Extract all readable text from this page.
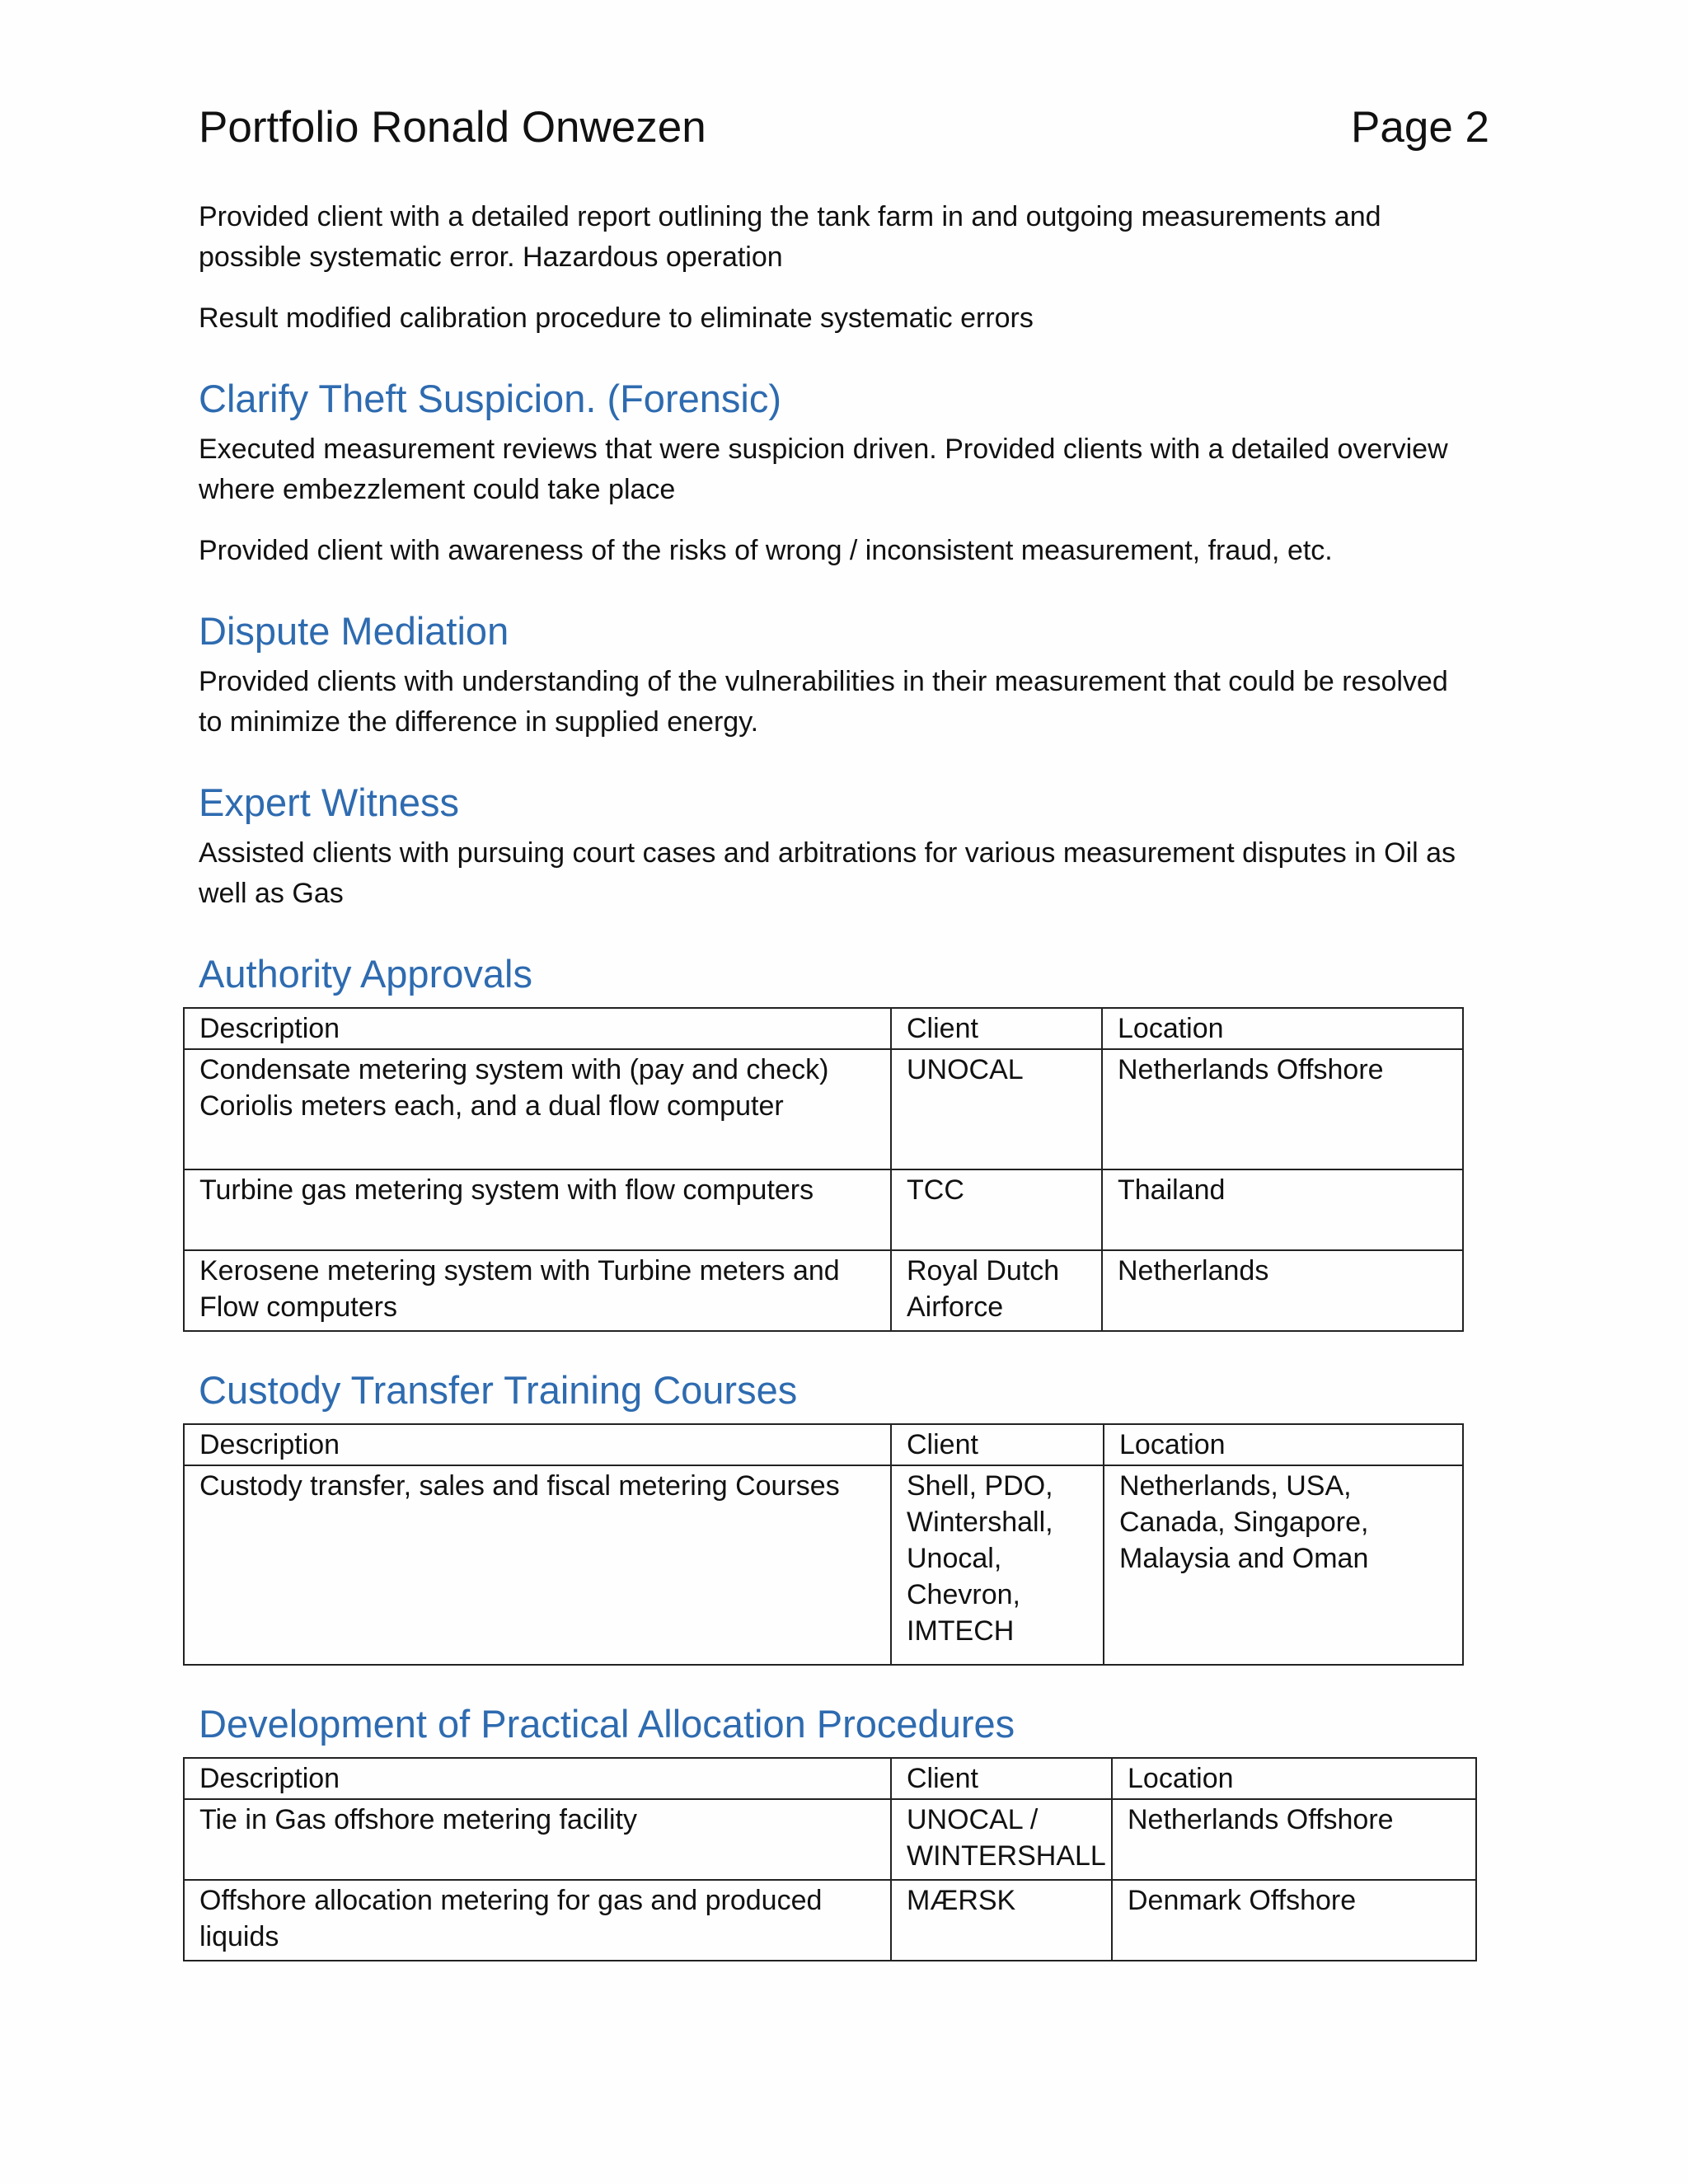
Portfolio Ronald Onwezen	Page 2

Provided client with a detailed report outlining the tank farm in and outgoing measurements and possible systematic error. Hazardous operation

Result modified calibration procedure to eliminate systematic errors

Clarify Theft Suspicion. (Forensic)

Executed measurement reviews that were suspicion driven. Provided clients with a detailed overview where embezzlement could take place

Provided client with awareness of the risks of wrong / inconsistent measurement, fraud, etc.

Dispute Mediation

Provided clients with understanding of the vulnerabilities in their measurement that could be resolved to minimize the difference in supplied energy.

Expert Witness

Assisted clients with pursuing court cases and arbitrations for various measurement disputes in Oil as well as Gas

Authority Approvals
Description	Client	Location
Condensate metering system with (pay and check) Coriolis meters each, and a dual flow computer	UNOCAL	Netherlands Offshore
Turbine gas metering system with flow computers	TCC	Thailand
Kerosene metering system with Turbine meters and Flow computers	Royal Dutch Airforce	Netherlands
Custody Transfer Training Courses
Description	Client	Location
Custody transfer, sales and fiscal metering Courses	Shell, PDO, Wintershall, Unocal, Chevron, IMTECH	Netherlands, USA, Canada, Singapore, Malaysia and Oman
Development of Practical Allocation Procedures
Description	Client	Location
Tie in Gas offshore metering facility	UNOCAL / WINTERSHALL	Netherlands Offshore
Offshore allocation metering for gas and produced liquids	MÆRSK	Denmark Offshore
